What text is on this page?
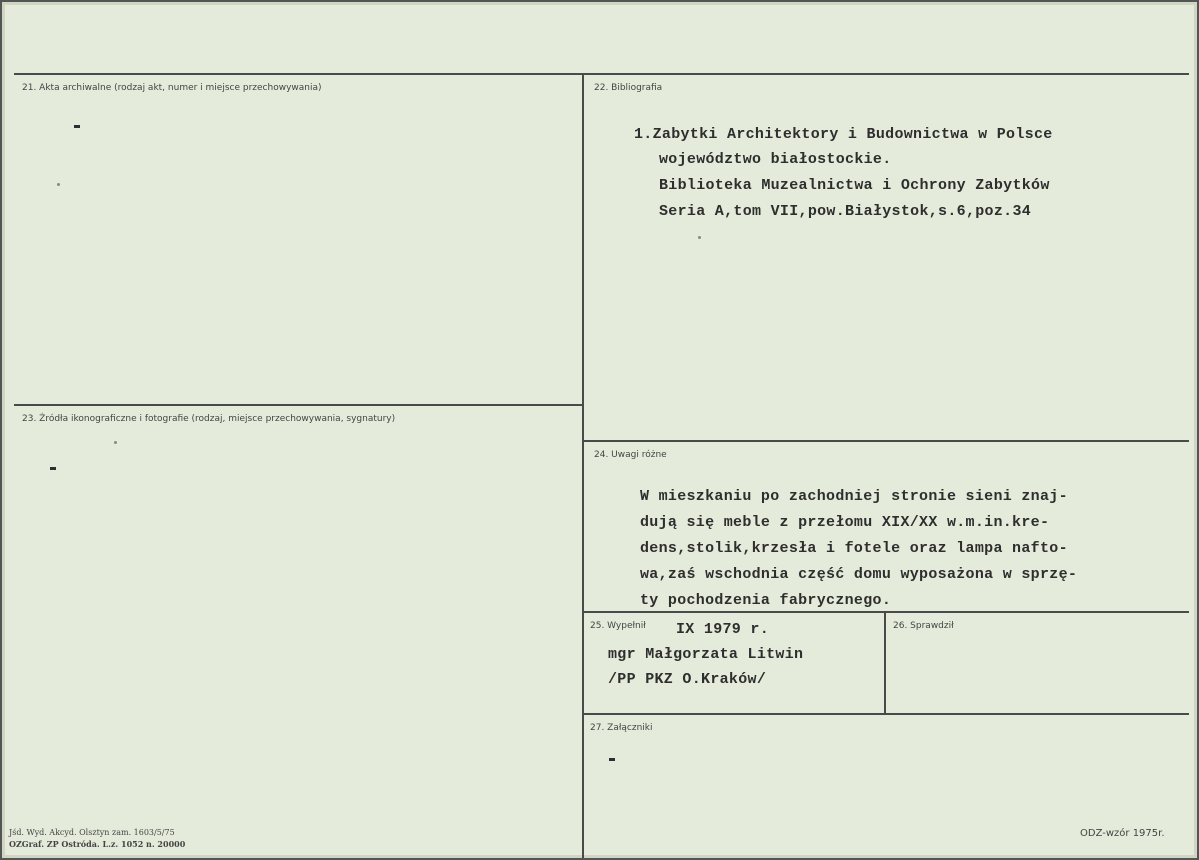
21. Akta archiwalne (rodzaj akt, numer i miejsce przechowywania)	22. Bibliografia
1.Zabytki Architektory i Budownictwa w Polsce
województwo białostockie.
Biblioteka Muzealnictwa i Ochrony Zabytków
Seria A,tom VII,pow.Białystok,s.6,poz.34
23. Źródła ikonograficzne i fotografie (rodzaj, miejsce przechowywania, sygnatury)
24. Uwagi różne
W mieszkaniu po zachodniej stronie sieni znaj-
dują się meble z przełomu XIX/XX w.m.in.kre-
dens,stolik,krzesła i fotele oraz lampa nafto-
wa,zaś wschodnia część domu wyposażona w sprzę-
ty pochodzenia fabrycznego.
25. Wypełnił IX 1979 r.
mgr Małgorzata Litwin
/PP PKZ O.Kraków/
26. Sprawdził
27. Załączniki
Jśd. Wyd. Akcyd. Olsztyn zam. 1603/5/75
OZGraf. ZP Ostróda. L.z. 1052 n. 20000
ODZ-wzór 1975r.
